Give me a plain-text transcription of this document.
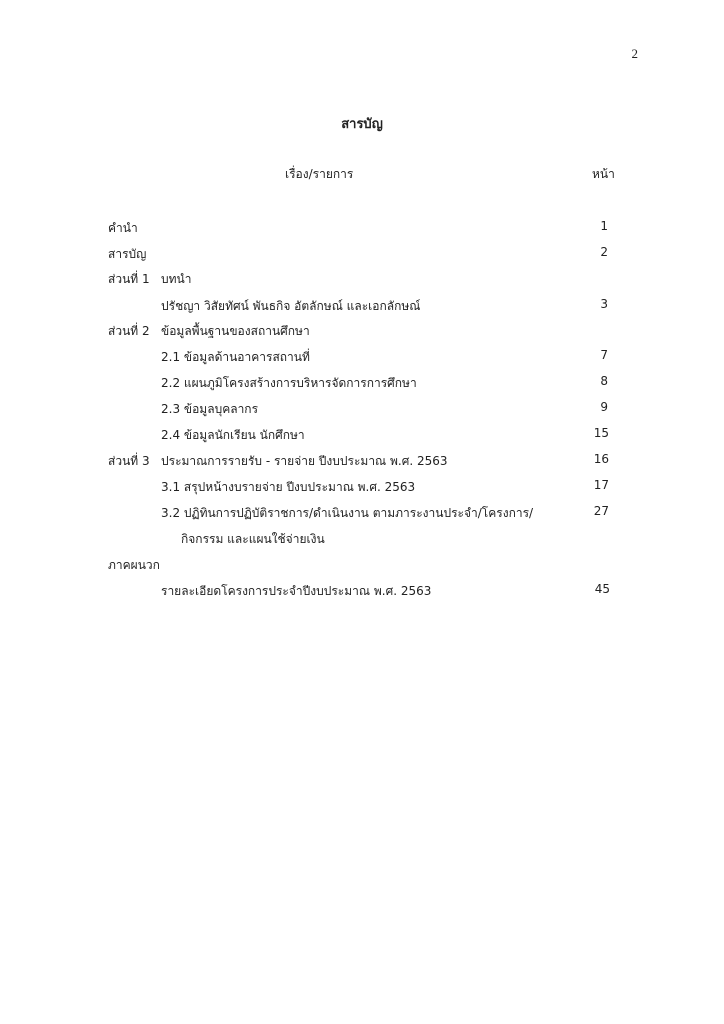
2
สารบัญ
เรื่อง/รายการ	หน้า
คำนำ	1
สารบัญ	2
ส่วนที่ 1 บทนำ
ปรัชญา วิสัยทัศน์ พันธกิจ อัตลักษณ์ และเอกลักษณ์	3
ส่วนที่ 2 ข้อมูลพื้นฐานของสถานศึกษา
2.1 ข้อมูลด้านอาคารสถานที่	7
2.2 แผนภูมิโครงสร้างการบริหารจัดการการศึกษา	8
2.3 ข้อมูลบุคลากร	9
2.4 ข้อมูลนักเรียน นักศึกษา	15
ส่วนที่ 3 ประมาณการรายรับ - รายจ่าย ปีงบประมาณ พ.ศ. 2563	16
3.1 สรุปหน้างบรายจ่าย ปีงบประมาณ พ.ศ. 2563	17
3.2 ปฏิทินการปฏิบัติราชการ/ดำเนินงาน ตามภาระงานประจำ/โครงการ/	27
กิจกรรม และแผนใช้จ่ายเงิน
ภาคผนวก
รายละเอียดโครงการประจำปีงบประมาณ พ.ศ. 2563	45
